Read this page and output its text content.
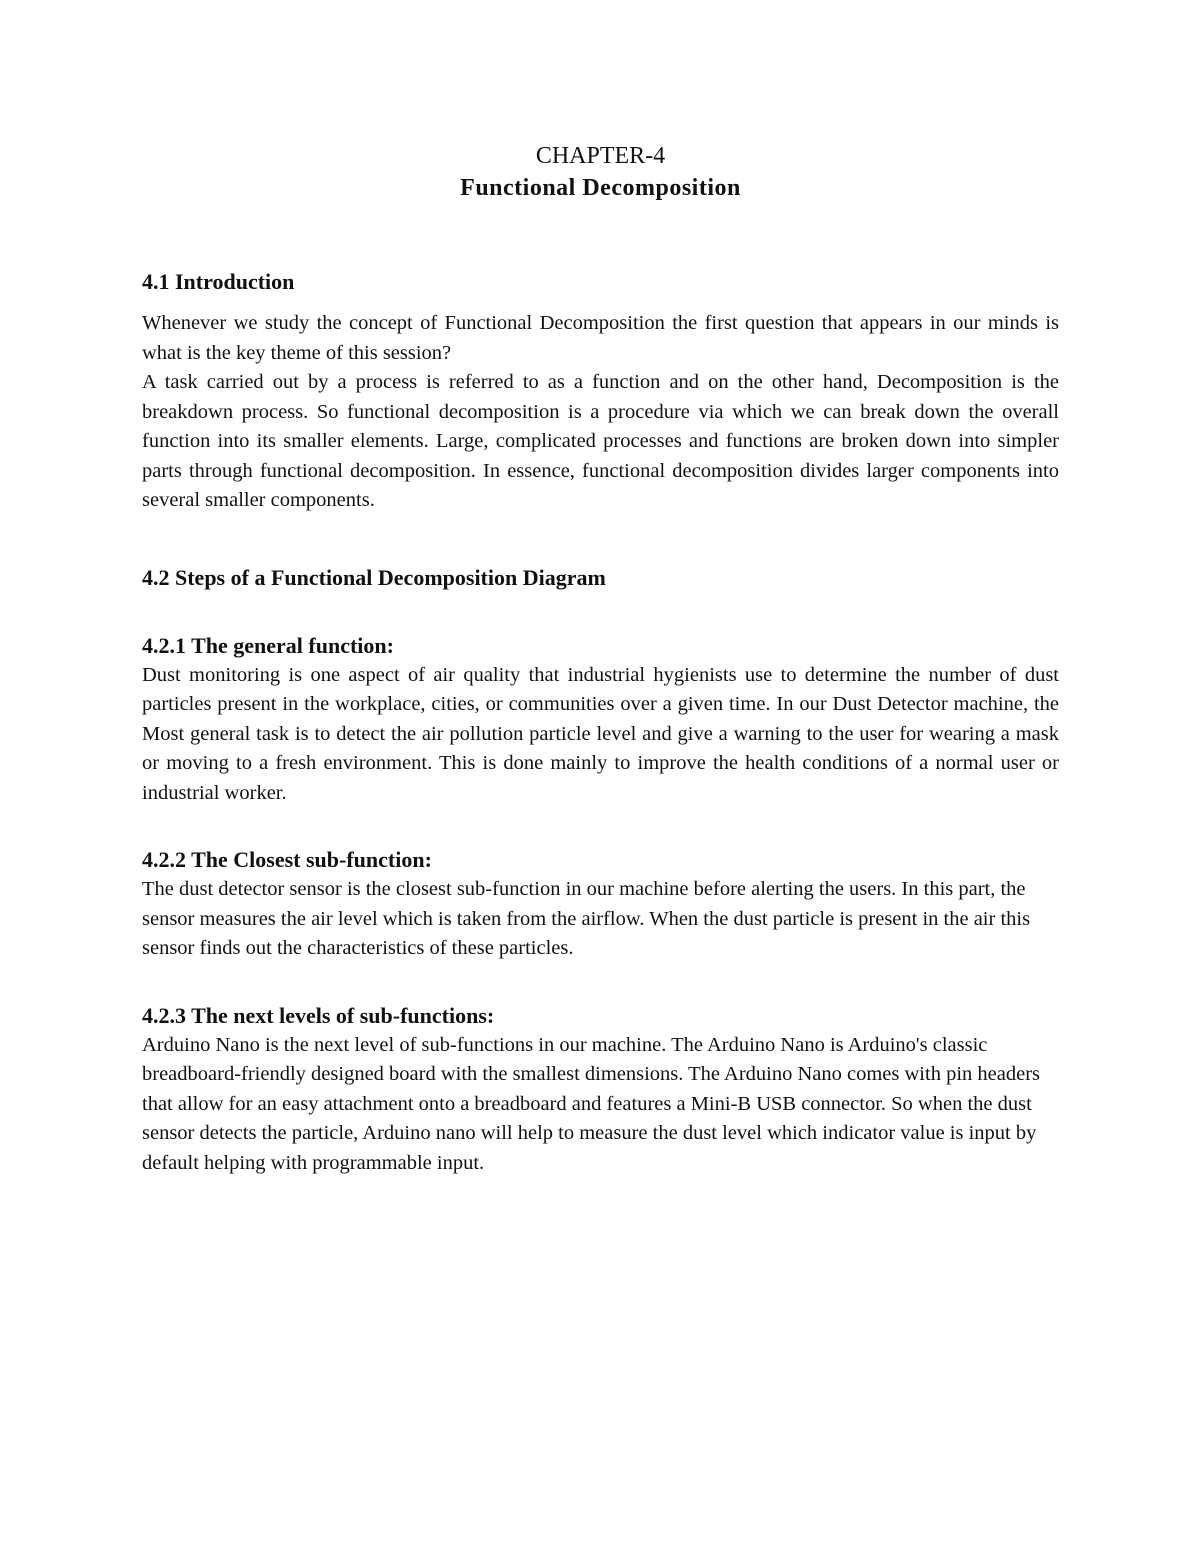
CHAPTER-4
Functional Decomposition
4.1 Introduction

Whenever we study the concept of Functional Decomposition the first question that appears in our minds is what is the key theme of this session?

A task carried out by a process is referred to as a function and on the other hand, Decomposition is the breakdown process. So functional decomposition is a procedure via which we can break down the overall function into its smaller elements. Large, complicated processes and functions are broken down into simpler parts through functional decomposition. In essence, functional decomposition divides larger components into several smaller components.

4.2 Steps of a Functional Decomposition Diagram
4.2.1 The general function:

Dust monitoring is one aspect of air quality that industrial hygienists use to determine the number of dust particles present in the workplace, cities, or communities over a given time. In our Dust Detector machine, the Most general task is to detect the air pollution particle level and give a warning to the user for wearing a mask or moving to a fresh environment. This is done mainly to improve the health conditions of a normal user or industrial worker.

4.2.2 The Closest sub-function:

The dust detector sensor is the closest sub-function in our machine before alerting the users. In this part, the sensor measures the air level which is taken from the airflow. When the dust particle is present in the air this sensor finds out the characteristics of these particles.

4.2.3 The next levels of sub-functions:

Arduino Nano is the next level of sub-functions in our machine. The Arduino Nano is Arduino's classic breadboard-friendly designed board with the smallest dimensions. The Arduino Nano comes with pin headers that allow for an easy attachment onto a breadboard and features a Mini-B USB connector. So when the dust sensor detects the particle, Arduino nano will help to measure the dust level which indicator value is input by default helping with programmable input.
